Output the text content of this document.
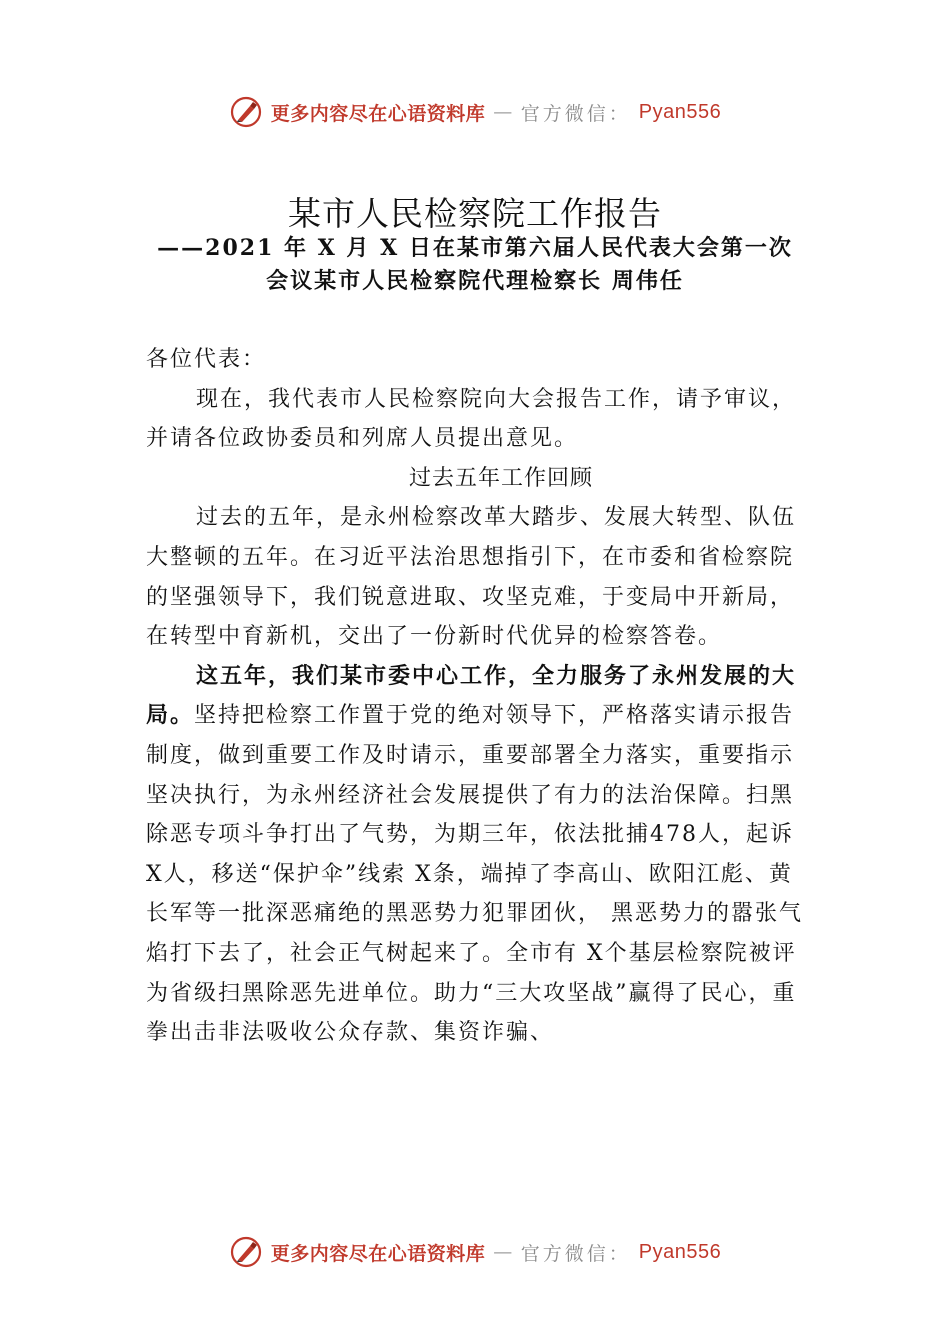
更多内容尽在心语资料库 — 官方微信： Pyan556
某市人民检察院工作报告
——2021 年 X 月 X 日在某市第六届人民代表大会第一次
会议某市人民检察院代理检察长 周伟任

各位代表：

现在，我代表市人民检察院向大会报告工作，请予审议，并请各位政协委员和列席人员提出意见。

过去五年工作回顾

过去的五年，是永州检察改革大踏步、发展大转型、队伍大整顿的五年。在习近平法治思想指引下，在市委和省检察院的坚强领导下，我们锐意进取、攻坚克难，于变局中开新局，在转型中育新机，交出了一份新时代优异的检察答卷。

这五年，我们某市委中心工作，全力服务了永州发展的大局。坚持把检察工作置于党的绝对领导下，严格落实请示报告制度，做到重要工作及时请示，重要部署全力落实，重要指示坚决执行，为永州经济社会发展提供了有力的法治保障。扫黑除恶专项斗争打出了气势，为期三年，依法批捕478人，起诉 X人，移送“保护伞”线索 X条，端掉了李高山、欧阳江彪、黄长军等一批深恶痛绝的黑恶势力犯罪团伙， 黑恶势力的嚣张气焰打下去了，社会正气树起来了。全市有 X个基层检察院被评为省级扫黑除恶先进单位。助力“三大攻坚战”赢得了民心，重拳出击非法吸收公众存款、集资诈骗、

更多内容尽在心语资料库 — 官方微信： Pyan556
